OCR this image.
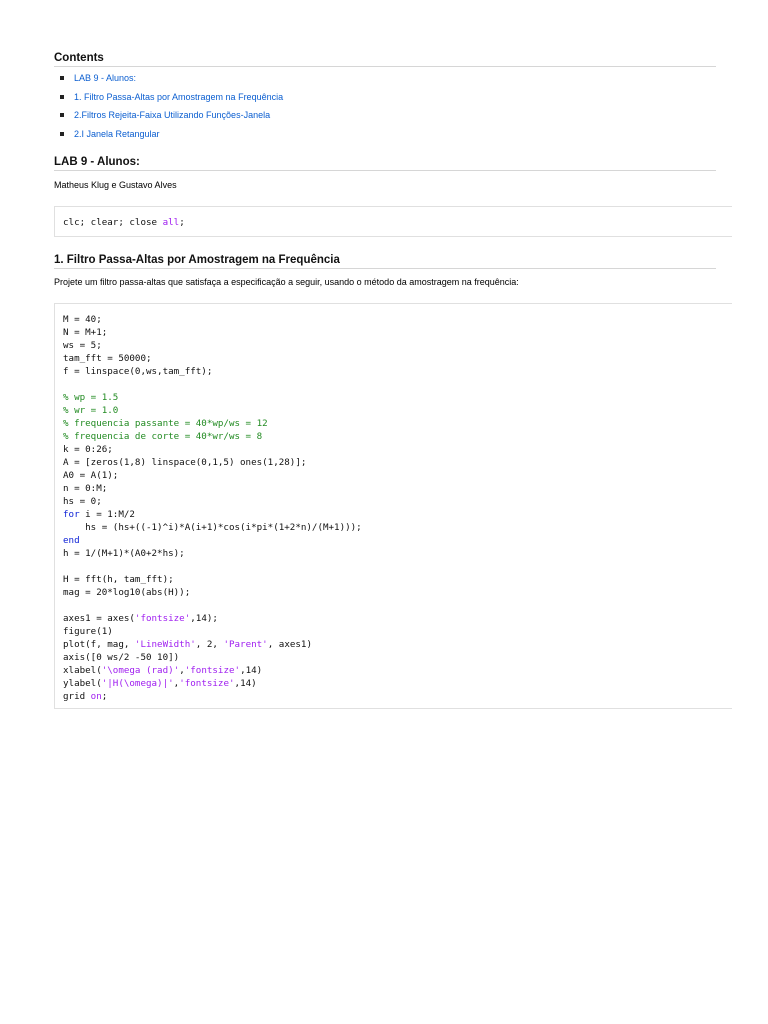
Contents
LAB 9 - Alunos:
1. Filtro Passa-Altas por Amostragem na Frequência
2.Filtros Rejeita-Faixa Utilizando Funções-Janela
2.I Janela Retangular
LAB 9 - Alunos:
Matheus Klug e Gustavo Alves
clc; clear; close all;
1. Filtro Passa-Altas por Amostragem na Frequência
Projete um filtro passa-altas que satisfaça a especificação a seguir, usando o método da amostragem na frequência:
M = 40;
N = M+1;
ws = 5;
tam_fft = 50000;
f = linspace(0,ws,tam_fft);
% wp = 1.5
% wr = 1.0
% frequencia passante = 40*wp/ws = 12
% frequencia de corte = 40*wr/ws = 8
k = 0:26;
A = [zeros(1,8) linspace(0,1,5) ones(1,28)];
A0 = A(1);
n = 0:M;
hs = 0;
for i = 1:M/2
hs = (hs+((-1)^i)*A(i+1)*cos(i*pi*(1+2*n)/(M+1)));
end
h = 1/(M+1)*(A0+2*hs);
H = fft(h, tam_fft);
mag = 20*log10(abs(H));
axes1 = axes('fontsize',14);
figure(1)
plot(f, mag, 'LineWidth', 2, 'Parent', axes1)
axis([0 ws/2 -50 10])
xlabel('\omega (rad)','fontsize',14)
ylabel('|H(\omega)|','fontsize',14)
grid on;
